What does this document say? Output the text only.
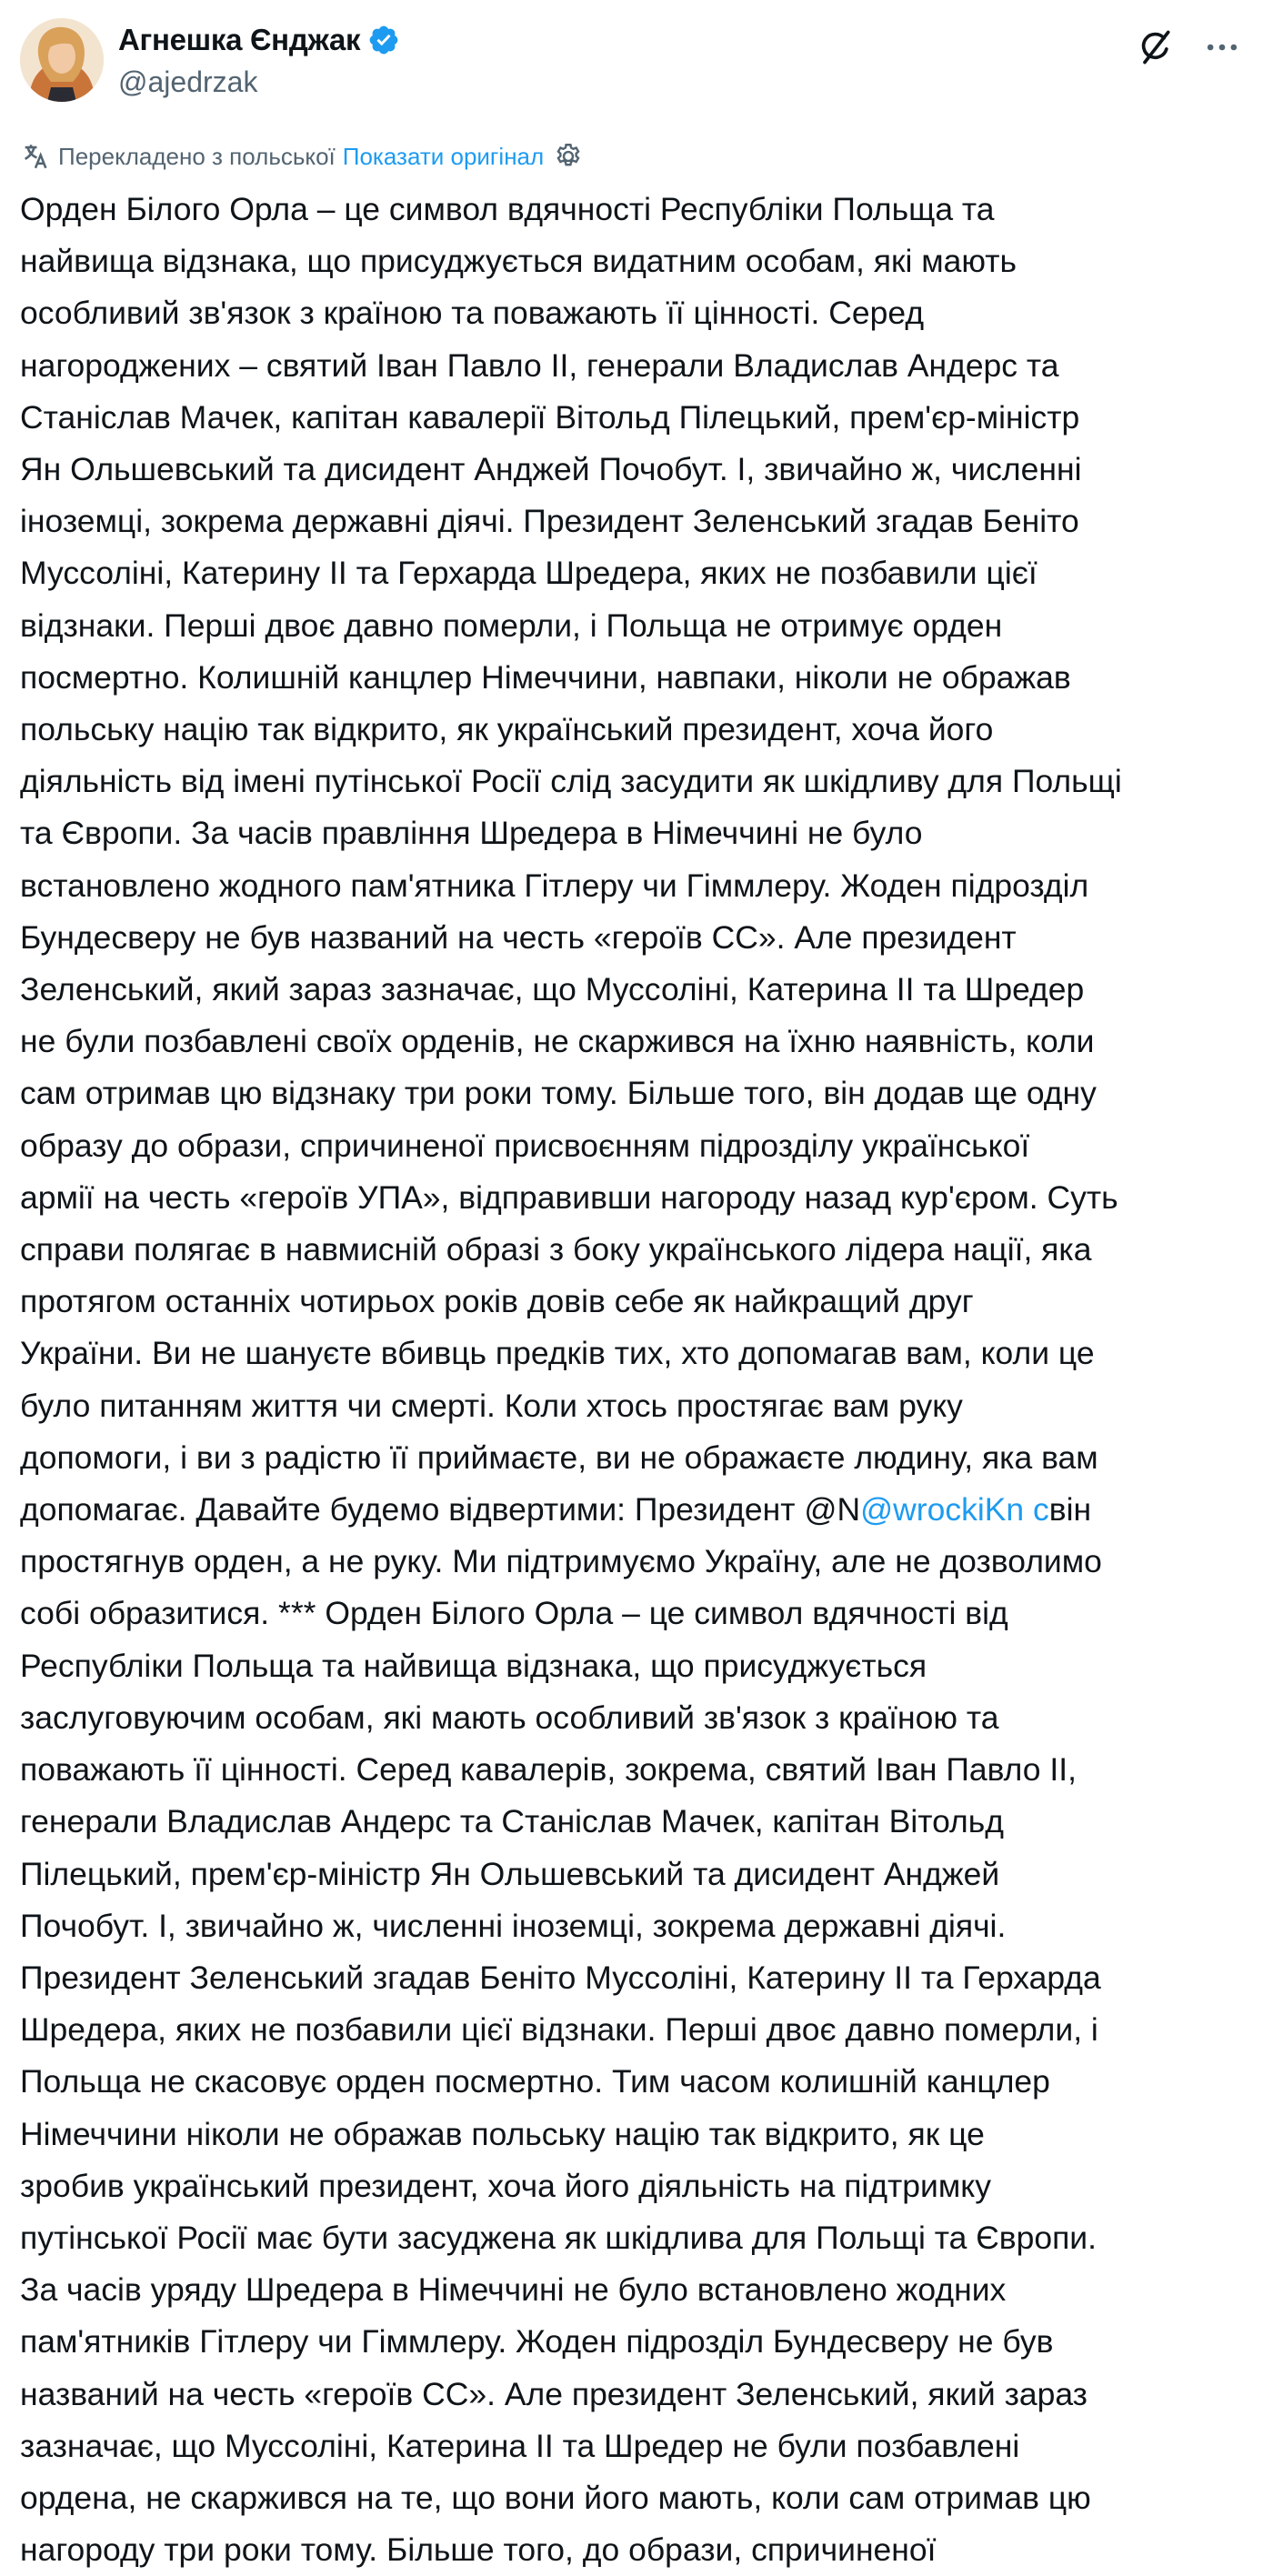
Агнешка Єнджак
@ajedrzak
Перекладено з польської Показати оригінал
Орден Білого Орла – це символ вдячності Республіки Польща та
найвища відзнака, що присуджується видатним особам, які мають
особливий зв'язок з країною та поважають її цінності. Серед
нагороджених – святий Іван Павло II, генерали Владислав Андерс та
Станіслав Мачек, капітан кавалерії Вітольд Пілецький, прем'єр-міністр
Ян Ольшевський та дисидент Анджей Почобут. І, звичайно ж, численні
іноземці, зокрема державні діячі. Президент Зеленський згадав Беніто
Муссоліні, Катерину II та Герхарда Шредера, яких не позбавили цієї
відзнаки. Перші двоє давно померли, і Польща не отримує орден
посмертно. Колишній канцлер Німеччини, навпаки, ніколи не ображав
польську націю так відкрито, як український президент, хоча його
діяльність від імені путінської Росії слід засудити як шкідливу для Польщі
та Європи. За часів правління Шредера в Німеччині не було
встановлено жодного пам'ятника Гітлеру чи Гіммлеру. Жоден підрозділ
Бундесверу не був названий на честь «героїв СС». Але президент
Зеленський, який зараз зазначає, що Муссоліні, Катерина II та Шредер
не були позбавлені своїх орденів, не скаржився на їхню наявність, коли
сам отримав цю відзнаку три роки тому. Більше того, він додав ще одну
образу до образи, спричиненої присвоєнням підрозділу української
армії на честь «героїв УПА», відправивши нагороду назад кур'єром. Суть
справи полягає в навмисній образі з боку українського лідера нації, яка
протягом останніх чотирьох років довів себе як найкращий друг
України. Ви не шануєте вбивць предків тих, хто допомагав вам, коли це
було питанням життя чи смерті. Коли хтось простягає вам руку
допомоги, і ви з радістю її приймаєте, ви не ображаєте людину, яка вам
допомагає. Давайте будемо відвертими: Президент @N@wrockiKn cвін
простягнув орден, а не руку. Ми підтримуємо Україну, але не дозволимо
собі образитися. *** Орден Білого Орла – це символ вдячності від
Республіки Польща та найвища відзнака, що присуджується
заслуговуючим особам, які мають особливий зв'язок з країною та
поважають її цінності. Серед кавалерів, зокрема, святий Іван Павло II,
генерали Владислав Андерс та Станіслав Мачек, капітан Вітольд
Пілецький, прем'єр-міністр Ян Ольшевський та дисидент Анджей
Почобут. І, звичайно ж, численні іноземці, зокрема державні діячі.
Президент Зеленський згадав Беніто Муссоліні, Катерину II та Герхарда
Шредера, яких не позбавили цієї відзнаки. Перші двоє давно померли, і
Польща не скасовує орден посмертно. Тим часом колишній канцлер
Німеччини ніколи не ображав польську націю так відкрито, як це
зробив український президент, хоча його діяльність на підтримку
путінської Росії має бути засуджена як шкідлива для Польщі та Європи.
За часів уряду Шредера в Німеччині не було встановлено жодних
пам'ятників Гітлеру чи Гіммлеру. Жоден підрозділ Бундесверу не був
названий на честь «героїв СС». Але президент Зеленський, який зараз
зазначає, що Муссоліні, Катерина II та Шредер не були позбавлені
ордена, не скаржився на те, що вони його мають, коли сам отримав цю
нагороду три роки тому. Більше того, до образи, спричиненої
